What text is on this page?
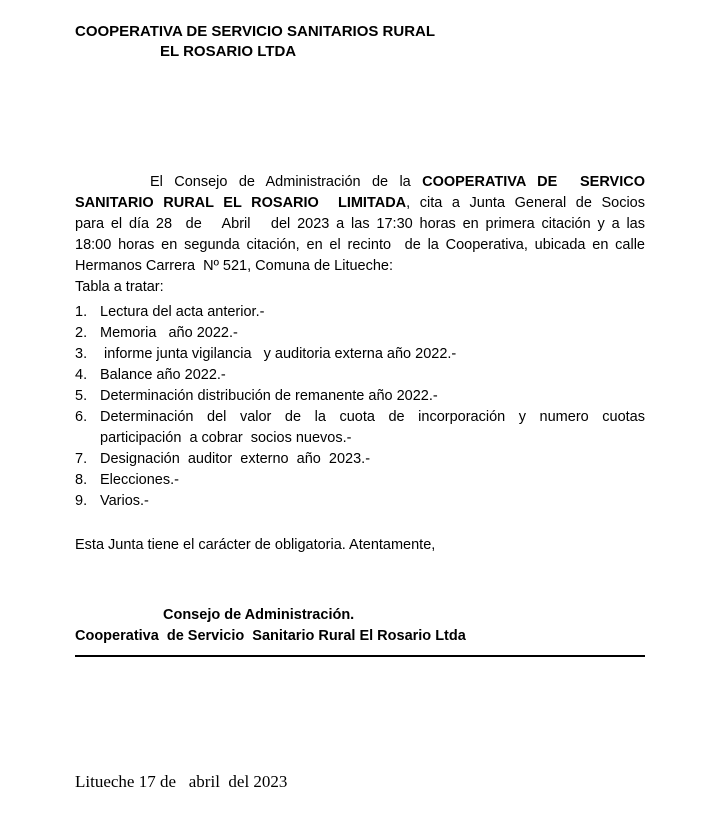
COOPERATIVA DE SERVICIO SANITARIOS RURAL
EL ROSARIO LTDA
El Consejo de Administración de la COOPERATIVA DE  SERVICO
SANITARIO RURAL EL ROSARIO  LIMITADA, cita a Junta General de Socios
para el día 28  de   Abril   del 2023 a las 17:30 horas en primera citación y a las
18:00 horas en segunda citación, en el recinto  de la Cooperativa, ubicada en calle
Hermanos Carrera  Nº 521, Comuna de Litueche:
Tabla a tratar:
1. Lectura del acta anterior.-
2. Memoria   año 2022.-
3. informe junta vigilancia   y auditoria externa año 2022.-
4. Balance año 2022.-
5. Determinación distribución de remanente año 2022.-
6. Determinación del valor de la cuota de incorporación y numero cuotas
participación  a cobrar  socios nuevos.-
7. Designación  auditor  externo  año  2023.-
8. Elecciones.-
9. Varios.-
Esta Junta tiene el carácter de obligatoria. Atentamente,
Consejo de Administración.
Cooperativa  de Servicio  Sanitario Rural El Rosario Ltda
Litueche 17 de   abril  del 2023
